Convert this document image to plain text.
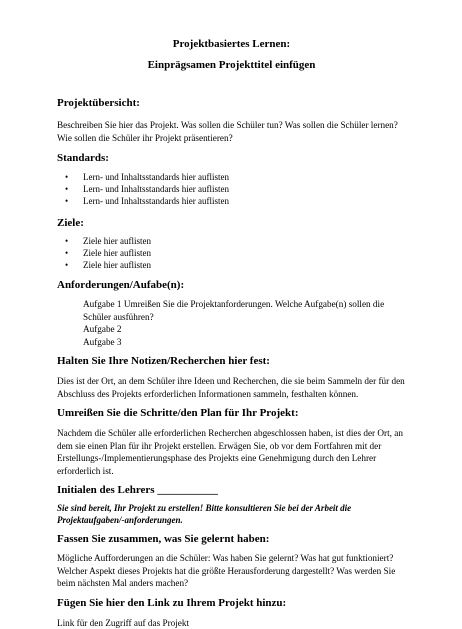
Projektbasiertes Lernen:
Einprägsamen Projekttitel einfügen
Projektübersicht:
Beschreiben Sie hier das Projekt. Was sollen die Schüler tun? Was sollen die Schüler lernen? Wie sollen die Schüler ihr Projekt präsentieren?
Standards:
• Lern- und Inhaltsstandards hier auflisten
• Lern- und Inhaltsstandards hier auflisten
• Lern- und Inhaltsstandards hier auflisten
Ziele:
• Ziele hier auflisten
• Ziele hier auflisten
• Ziele hier auflisten
Anforderungen/Aufabe(n):
Aufgabe 1 Umreißen Sie die Projektanforderungen. Welche Aufgabe(n) sollen die Schüler ausführen?
Aufgabe 2
Aufgabe 3
Halten Sie Ihre Notizen/Recherchen hier fest:
Dies ist der Ort, an dem Schüler ihre Ideen und Recherchen, die sie beim Sammeln der für den Abschluss des Projekts erforderlichen Informationen sammeln, festhalten können.
Umreißen Sie die Schritte/den Plan für Ihr Projekt:
Nachdem die Schüler alle erforderlichen Recherchen abgeschlossen haben, ist dies der Ort, an dem sie einen Plan für ihr Projekt erstellen. Erwägen Sie, ob vor dem Fortfahren mit der Erstellungs-/Implementierungsphase des Projekts eine Genehmigung durch den Lehrer erforderlich ist.
Initialen des Lehrers ___________
Sie sind bereit, Ihr Projekt zu erstellen! Bitte konsultieren Sie bei der Arbeit die Projektaufgaben/-anforderungen.
Fassen Sie zusammen, was Sie gelernt haben:
Mögliche Aufforderungen an die Schüler: Was haben Sie gelernt? Was hat gut funktioniert? Welcher Aspekt dieses Projekts hat die größte Herausforderung dargestellt? Was werden Sie beim nächsten Mal anders machen?
Fügen Sie hier den Link zu Ihrem Projekt hinzu:
Link für den Zugriff auf das Projekt
